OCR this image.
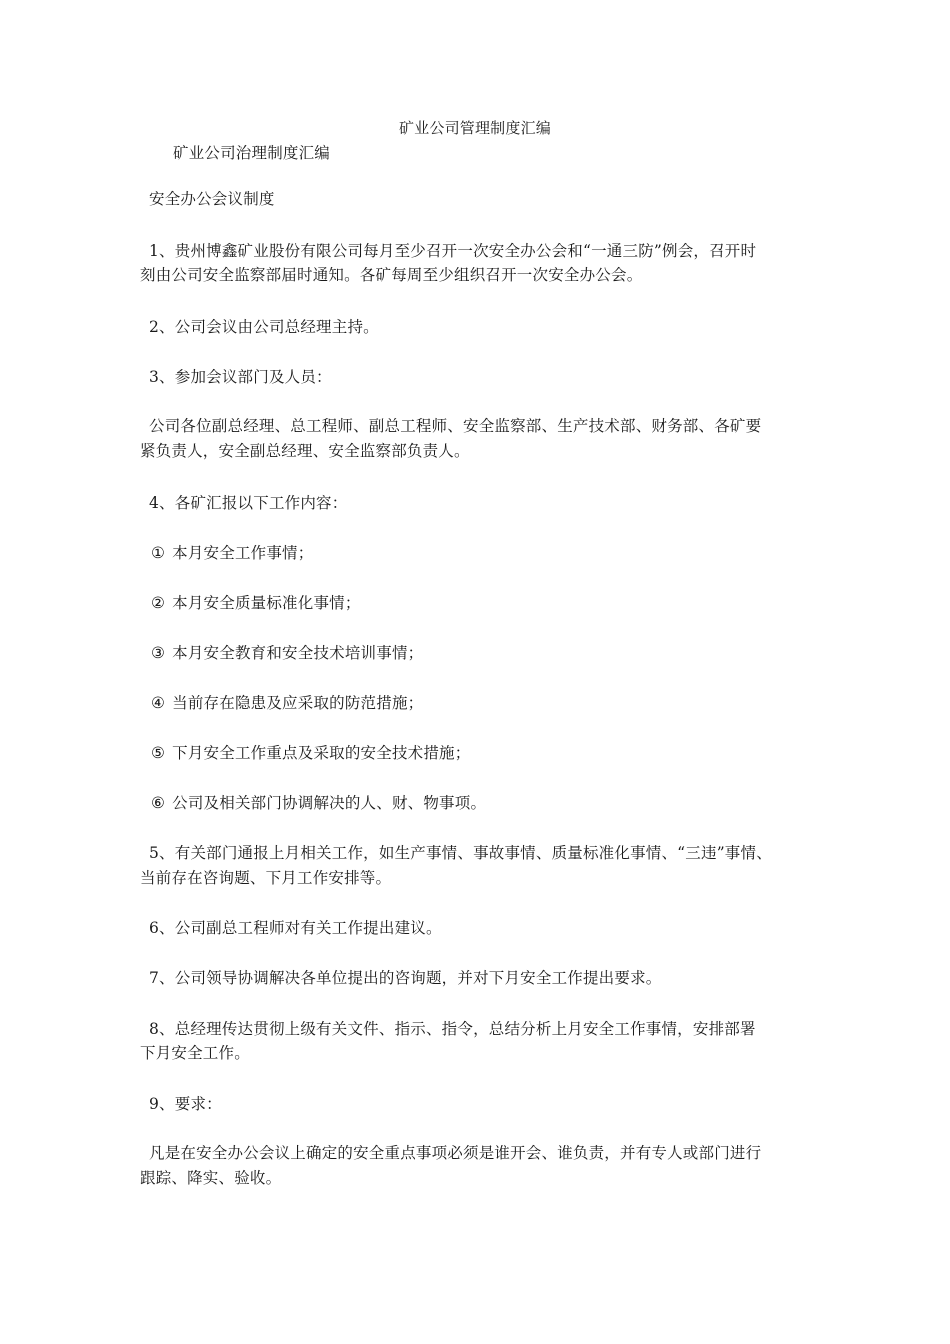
矿业公司管理制度汇编
矿业公司治理制度汇编
安全办公会议制度
1、贵州博鑫矿业股份有限公司每月至少召开一次安全办公会和“一通三防”例会，召开时
刻由公司安全监察部届时通知。各矿每周至少组织召开一次安全办公会。
2、公司会议由公司总经理主持。
3、参加会议部门及人员：
公司各位副总经理、总工程师、副总工程师、安全监察部、生产技术部、财务部、各矿要
紧负责人，安全副总经理、安全监察部负责人。
4、各矿汇报以下工作内容：
① 本月安全工作事情；
② 本月安全质量标准化事情；
③ 本月安全教育和安全技术培训事情；
④ 当前存在隐患及应采取的防范措施；
⑤ 下月安全工作重点及采取的安全技术措施；
⑥ 公司及相关部门协调解决的人、财、物事项。
5、有关部门通报上月相关工作，如生产事情、事故事情、质量标准化事情、“三违”事情、
当前存在咨询题、下月工作安排等。
6、公司副总工程师对有关工作提出建议。
7、公司领导协调解决各单位提出的咨询题，并对下月安全工作提出要求。
8、总经理传达贯彻上级有关文件、指示、指令，总结分析上月安全工作事情，安排部署
下月安全工作。
9、要求：
凡是在安全办公会议上确定的安全重点事项必须是谁开会、谁负责，并有专人或部门进行
跟踪、降实、验收。
